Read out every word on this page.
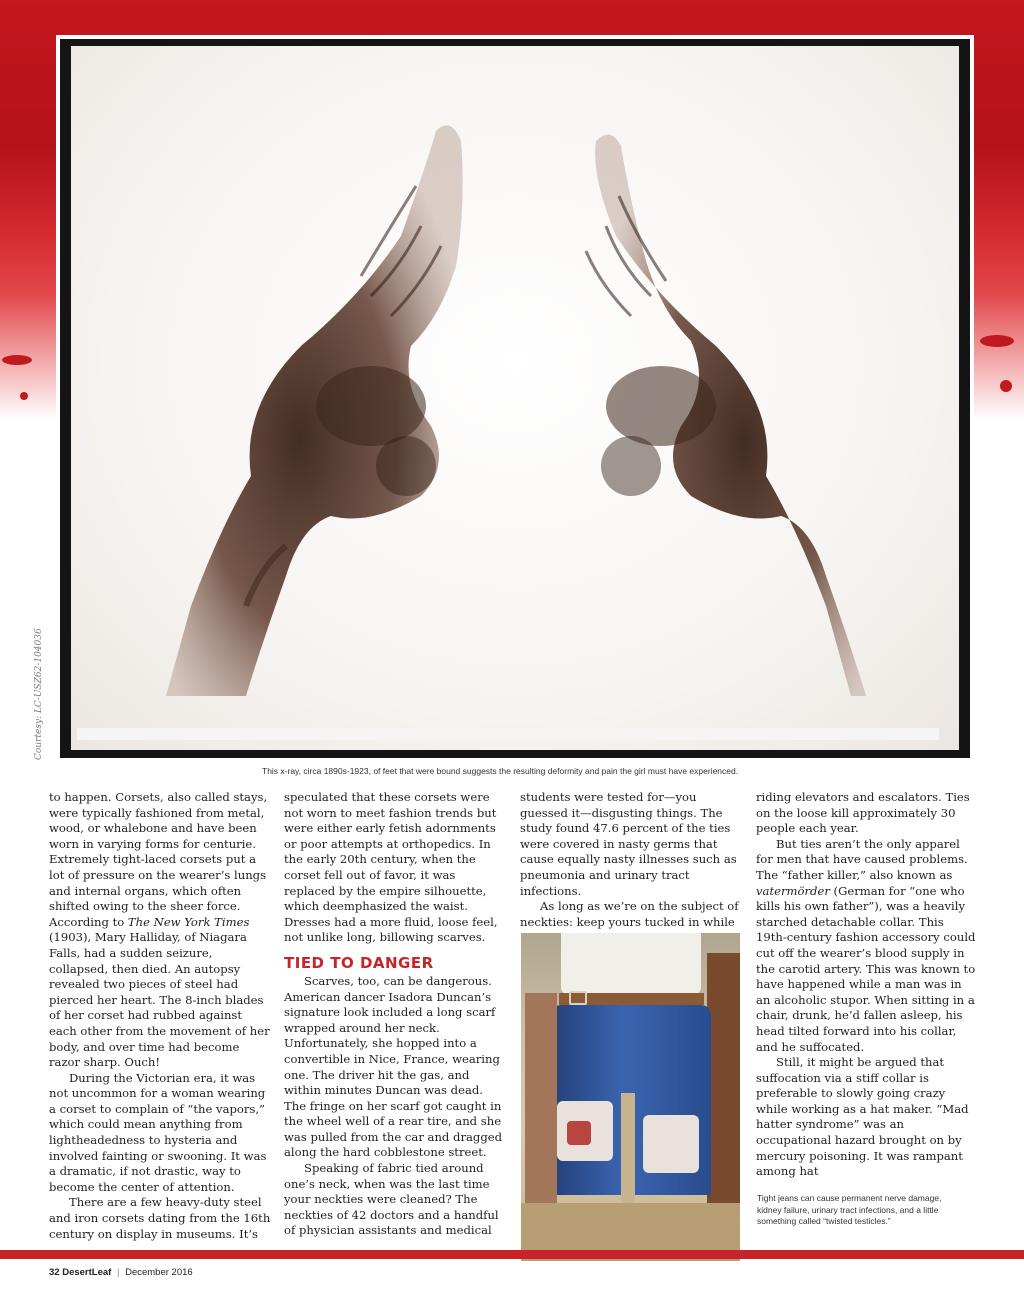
104036
Courtesy: LC-USZ62-104036
This x-ray, circa 1890s-1923, of feet that were bound suggests the resulting deformity and pain the girl must have experienced.

to happen. Corsets, also called stays, were typically fashioned from metal, wood, or whalebone and have been worn in varying forms for centurie. Extremely tight-laced corsets put a lot of pressure on the wearer’s lungs and internal organs, which often shifted owing to the sheer force. According to The New York Times (1903), Mary Halliday, of Niagara Falls, had a sudden seizure, collapsed, then died. An autopsy revealed two pieces of steel had pierced her heart. The 8-inch blades of her corset had rubbed against each other from the movement of her body, and over time had become razor sharp. Ouch!

During the Victorian era, it was not uncommon for a woman wearing a corset to complain of “the vapors,” which could mean anything from lightheadedness to hysteria and involved fainting or swooning. It was a dramatic, if not drastic, way to become the center of attention.

There are a few heavy-duty steel and iron corsets dating from the 16th century on display in museums. It’s

speculated that these corsets were not worn to meet fashion trends but were either early fetish adornments or poor attempts at orthopedics. In the early 20th century, when the corset fell out of favor, it was replaced by the empire silhouette, which deemphasized the waist. Dresses had a more fluid, loose feel, not unlike long, billowing scarves.

TIED TO DANGER

Scarves, too, can be dangerous. American dancer Isadora Duncan’s signature look included a long scarf wrapped around her neck. Unfortunately, she hopped into a convertible in Nice, France, wearing one. The driver hit the gas, and within minutes Duncan was dead. The fringe on her scarf got caught in the wheel well of a rear tire, and she was pulled from the car and dragged along the hard cobblestone street.

Speaking of fabric tied around one’s neck, when was the last time your neckties were cleaned? The neckties of 42 doctors and a handful of physician assistants and medical

students were tested for—you guessed it—disgusting things. The study found 47.6 percent of the ties were covered in nasty germs that cause equally nasty illnesses such as pneumonia and urinary tract infections.

As long as we’re on the subject of neckties: keep yours tucked in while

riding elevators and escalators. Ties on the loose kill approximately 30 people each year.

But ties aren’t the only apparel for men that have caused problems. The “father killer,” also known as vatermörder (German for “one who kills his own father”), was a heavily starched detachable collar. This 19th-century fashion accessory could cut off the wearer’s blood supply in the carotid artery. This was known to have happened while a man was in an alcoholic stupor. When sitting in a chair, drunk, he’d fallen asleep, his head tilted forward into his collar, and he suffocated.

Still, it might be argued that suffocation via a stiff collar is preferable to slowly going crazy while working as a hat maker. “Mad hatter syndrome” was an occupational hazard brought on by mercury poisoning. It was rampant among hat

Tight jeans can cause permanent nerve damage, kidney failure, urinary tract infections, and a little something called “twisted testicles.”
32 DesertLeaf | December 2016
